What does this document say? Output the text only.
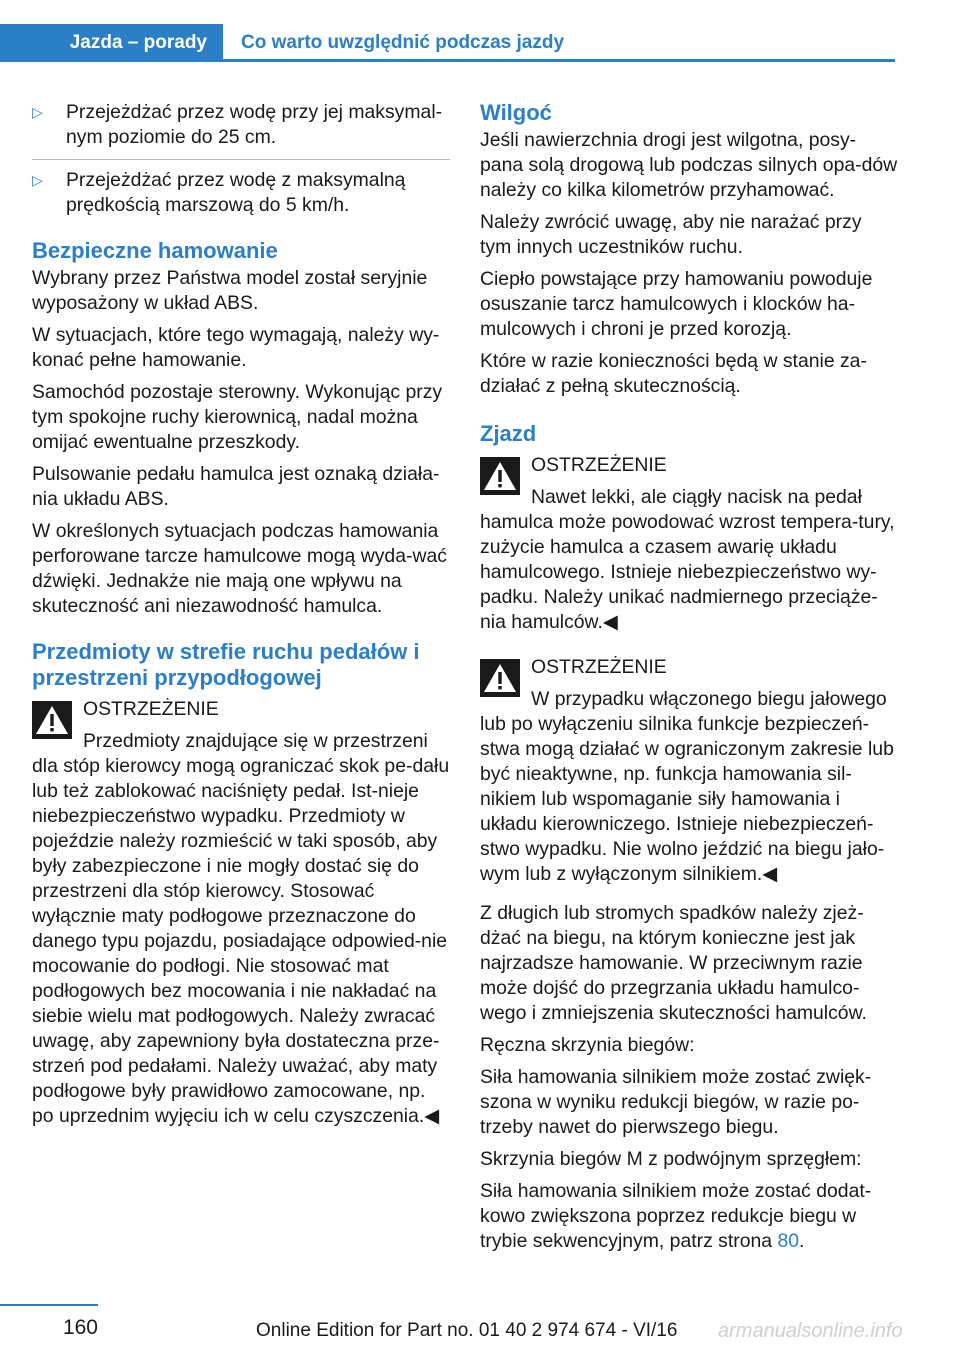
Jazda – porady	Co warto uwzględnić podczas jazdy
▷ Przejeżdżać przez wodę przy jej maksymal‐nym poziomie do 25 cm.
▷ Przejeżdżać przez wodę z maksymalną prędkością marszową do 5 km/h.
Bezpieczne hamowanie
Wybrany przez Państwa model został seryjnie wyposażony w układ ABS.
W sytuacjach, które tego wymagają, należy wy‐konać pełne hamowanie.
Samochód pozostaje sterowny. Wykonując przy tym spokojne ruchy kierownicą, nadal można omijać ewentualne przeszkody.
Pulsowanie pedału hamulca jest oznaką działa‐nia układu ABS.
W określonych sytuacjach podczas hamowania perforowane tarcze hamulcowe mogą wyda‐wać dźwięki. Jednakże nie mają one wpływu na skuteczność ani niezawodność hamulca.
Przedmioty w strefie ruchu pedałów i przestrzeni przypodłogowej
OSTRZEŻENIE
Przedmioty znajdujące się w przestrzeni
dla stóp kierowcy mogą ograniczać skok pe‐dału lub też zablokować naciśnięty pedał. Ist‐nieje niebezpieczeństwo wypadku. Przedmioty w pojeździe należy rozmieścić w taki sposób, aby były zabezpieczone i nie mogły dostać się do przestrzeni dla stóp kierowcy. Stosować wyłącznie maty podłogowe przeznaczone do danego typu pojazdu, posiadające odpowied‐nie mocowanie do podłogi. Nie stosować mat podłogowych bez mocowania i nie nakładać na siebie wielu mat podłogowych. Należy zwracać uwagę, aby zapewniony była dostateczna prze‐strzeń pod pedałami. Należy uważać, aby maty podłogowe były prawidłowo zamocowane, np. po uprzednim wyjęciu ich w celu czyszczenia.◀
Wilgoć
Jeśli nawierzchnia drogi jest wilgotna, posy‐pana solą drogową lub podczas silnych opa‐dów należy co kilka kilometrów przyhamować.
Należy zwrócić uwagę, aby nie narażać przy tym innych uczestników ruchu.
Ciepło powstające przy hamowaniu powoduje osuszanie tarcz hamulcowych i klocków ha‐mulcowych i chroni je przed korozją.
Które w razie konieczności będą w stanie za‐działać z pełną skutecznością.
Zjazd
OSTRZEŻENIE
Nawet lekki, ale ciągły nacisk na pedał
hamulca może powodować wzrost tempera‐tury, zużycie hamulca a czasem awarię układu hamulcowego. Istnieje niebezpieczeństwo wy‐padku. Należy unikać nadmiernego przeciąże‐nia hamulców.◀
OSTRZEŻENIE
W przypadku włączonego biegu jałowego
lub po wyłączeniu silnika funkcje bezpieczeń‐stwa mogą działać w ograniczonym zakresie lub być nieaktywne, np. funkcja hamowania sil‐nikiem lub wspomaganie siły hamowania i układu kierowniczego. Istnieje niebezpieczeń‐stwo wypadku. Nie wolno jeździć na biegu jało‐wym lub z wyłączonym silnikiem.◀
Z długich lub stromych spadków należy zjeż‐dżać na biegu, na którym konieczne jest jak najrzadsze hamowanie. W przeciwnym razie może dojść do przegrzania układu hamulco‐wego i zmniejszenia skuteczności hamulców.
Ręczna skrzynia biegów:
Siła hamowania silnikiem może zostać zwięk‐szona w wyniku redukcji biegów, w razie po‐trzeby nawet do pierwszego biegu.
Skrzynia biegów M z podwójnym sprzęgłem:
Siła hamowania silnikiem może zostać dodat‐kowo zwiększona poprzez redukcje biegu w trybie sekwencyjnym, patrz strona 80.
160	Online Edition for Part no. 01 40 2 974 674 - VI/16 armanualsonline.info
